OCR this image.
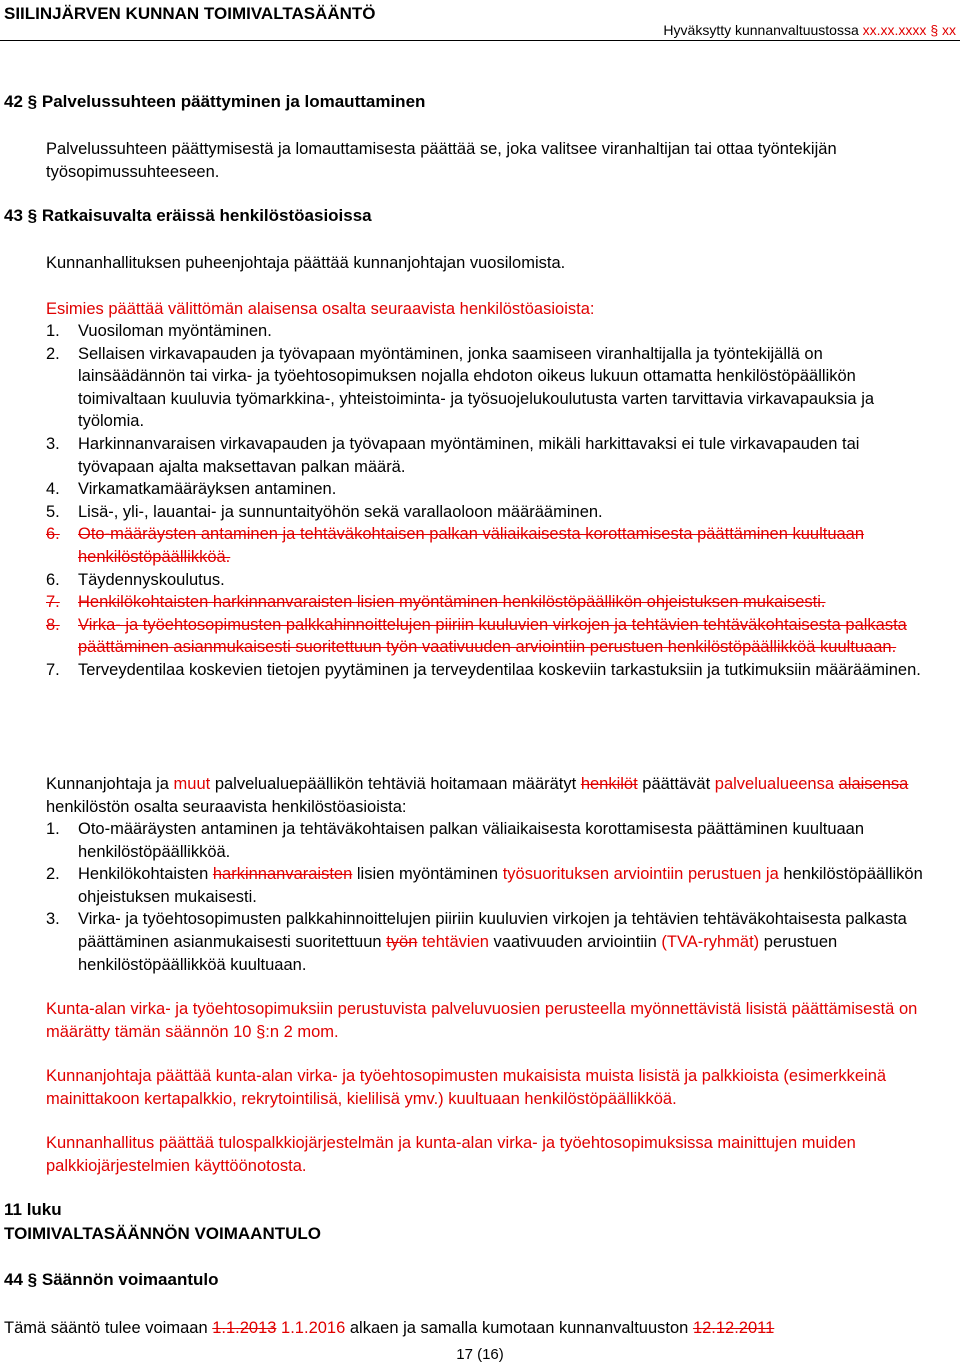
SIILINJÄRVEN KUNNAN TOIMIVALTASÄÄNTÖ
Hyväksytty kunnanvaltuustossa xx.xx.xxxx § xx
42 § Palvelussuhteen päättyminen ja lomauttaminen
Palvelussuhteen päättymisestä ja lomauttamisesta päättää se, joka valitsee viranhaltijan tai ottaa työntekijän työsopimussuhteeseen.
43 § Ratkaisuvalta eräissä henkilöstöasioissa
Kunnanhallituksen puheenjohtaja päättää kunnanjohtajan vuosilomista.
Esimies päättää välittömän alaisensa osalta seuraavista henkilöstöasioista:
1. Vuosiloman myöntäminen.
2. Sellaisen virkavapauden ja työvapaan myöntäminen, jonka saamiseen viranhaltijalla ja työntekijällä on lainsäädännön tai virka- ja työehtosopimuksen nojalla ehdoton oikeus lukuun ottamatta henkilöstöpäällikön toimivaltaan kuuluvia työmarkkina-, yhteistoiminta- ja työsuojelukoulutusta varten tarvittavia virkavapauksia ja työlomia.
3. Harkinnanvaraisen virkavapauden ja työvapaan myöntäminen, mikäli harkittavaksi ei tule virkavapauden tai työvapaan ajalta maksettavan palkan määrä.
4. Virkamatkamääräyksen antaminen.
5. Lisä-, yli-, lauantai- ja sunnuntaityöhön sekä varallaoloon määrääminen.
6. Oto-määräysten antaminen ja tehtäväkohtaisen palkan väliaikaisesta korottamisesta päättäminen kuultuaan henkilöstöpäällikköä.
6. Täydennyskoulutus.
7. Henkilökohtaisten harkinnanvaraisten lisien myöntäminen henkilöstöpäällikön ohjeistuksen mukaisesti.
8. Virka- ja työehtosopimusten palkkahinnoittelujen piiriin kuuluvien virkojen ja tehtävien tehtäväkohtaisesta palkasta päättäminen asianmukaisesti suoritettuun työn vaativuuden arviointiin perustuen henkilöstöpäällikköä kuultuaan.
7. Terveydentilaa koskevien tietojen pyytäminen ja terveydentilaa koskeviin tarkastuksiin ja tutkimuksiin määrääminen.
Kunnanjohtaja ja muut palvelualuepäällikön tehtäviä hoitamaan määrätyt henkilöt päättävät palvelualueensa alaisensa henkilöstön osalta seuraavista henkilöstöasioista:
1. Oto-määräysten antaminen ja tehtäväkohtaisen palkan väliaikaisesta korottamisesta päättäminen kuultuaan henkilöstöpäällikköä.
2. Henkilökohtaisten harkinnanvaraisten lisien myöntäminen työsuorituksen arviointiin perustuen ja henkilöstöpäällikön ohjeistuksen mukaisesti.
3. Virka- ja työehtosopimusten palkkahinnoittelujen piiriin kuuluvien virkojen ja tehtävien tehtäväkohtaisesta palkasta päättäminen asianmukaisesti suoritettuun työn tehtävien vaativuuden arviointiin (TVA-ryhmät) perustuen henkilöstöpäällikköä kuultuaan.
Kunta-alan virka- ja työehtosopimuksiin perustuvista palveluvuosien perusteella myönnettävistä lisistä päättämisestä on määrätty tämän säännön 10 §:n 2 mom.
Kunnanjohtaja päättää kunta-alan virka- ja työehtosopimusten mukaisista muista lisistä ja palkkioista (esimerkkeinä mainittakoon kertapalkkio, rekrytointilisä, kielilisä ymv.) kuultuaan henkilöstöpäällikköä.
Kunnanhallitus päättää tulospalkkiojärjestelmän ja kunta-alan virka- ja työehtosopimuksissa mainittujen muiden palkkiojärjestelmien käyttöönotosta.
11 luku
TOIMIVALTASÄÄNNÖN VOIMAANTULO
44 § Säännön voimaantulo
Tämä sääntö tulee voimaan 1.1.2013 1.1.2016 alkaen ja samalla kumotaan kunnanvaltuuston 12.12.2011
17 (16)
